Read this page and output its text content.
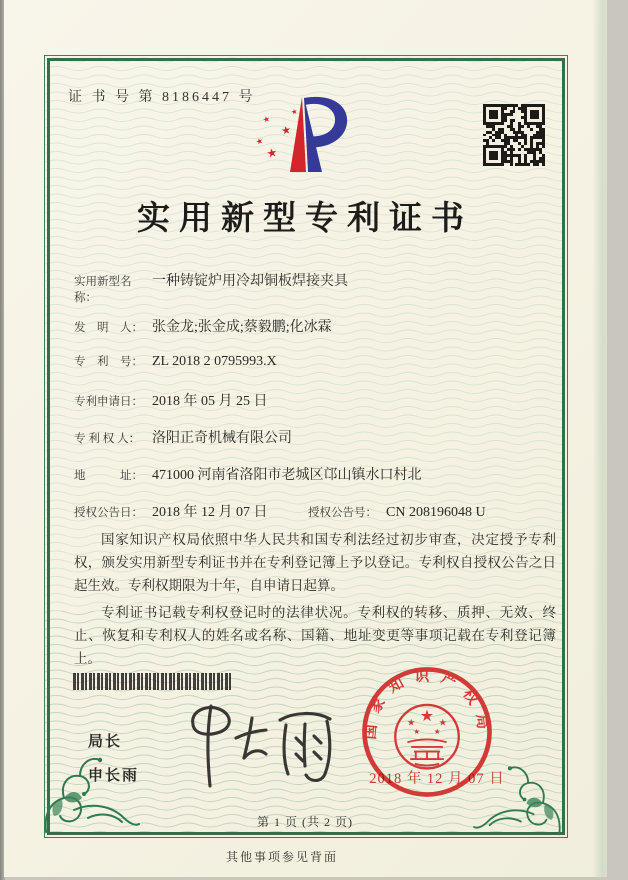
证 书 号 第 8186447 号
★
★
★
★
★
实用新型专利证书
实用新型名称：
一种铸锭炉用冷却铜板焊接夹具
发　明　人： 张金龙;张金成;蔡毅鹏;化冰霖
专　利　号： ZL 2018 2 0795993.X
专利申请日： 2018 年 05 月 25 日
专 利 权 人： 洛阳正奇机械有限公司
地　　　址： 471000 河南省洛阳市老城区邙山镇水口村北
授权公告日： 2018 年 12 月 07 日	授权公告号： CN 208196048 U

国家知识产权局依照中华人民共和国专利法经过初步审查，决定授予专利权，颁发实用新型专利证书并在专利登记簿上予以登记。专利权自授权公告之日起生效。专利权期限为十年，自申请日起算。

专利证书记载专利权登记时的法律状况。专利权的转移、质押、无效、终止、恢复和专利权人的姓名或名称、国籍、地址变更等事项记载在专利登记簿上。

局长
申长雨
国家知识产权局
★
★ ★
★ ★
2018 年 12 月 07 日
第 1 页 (共 2 页)
其他事项参见背面
